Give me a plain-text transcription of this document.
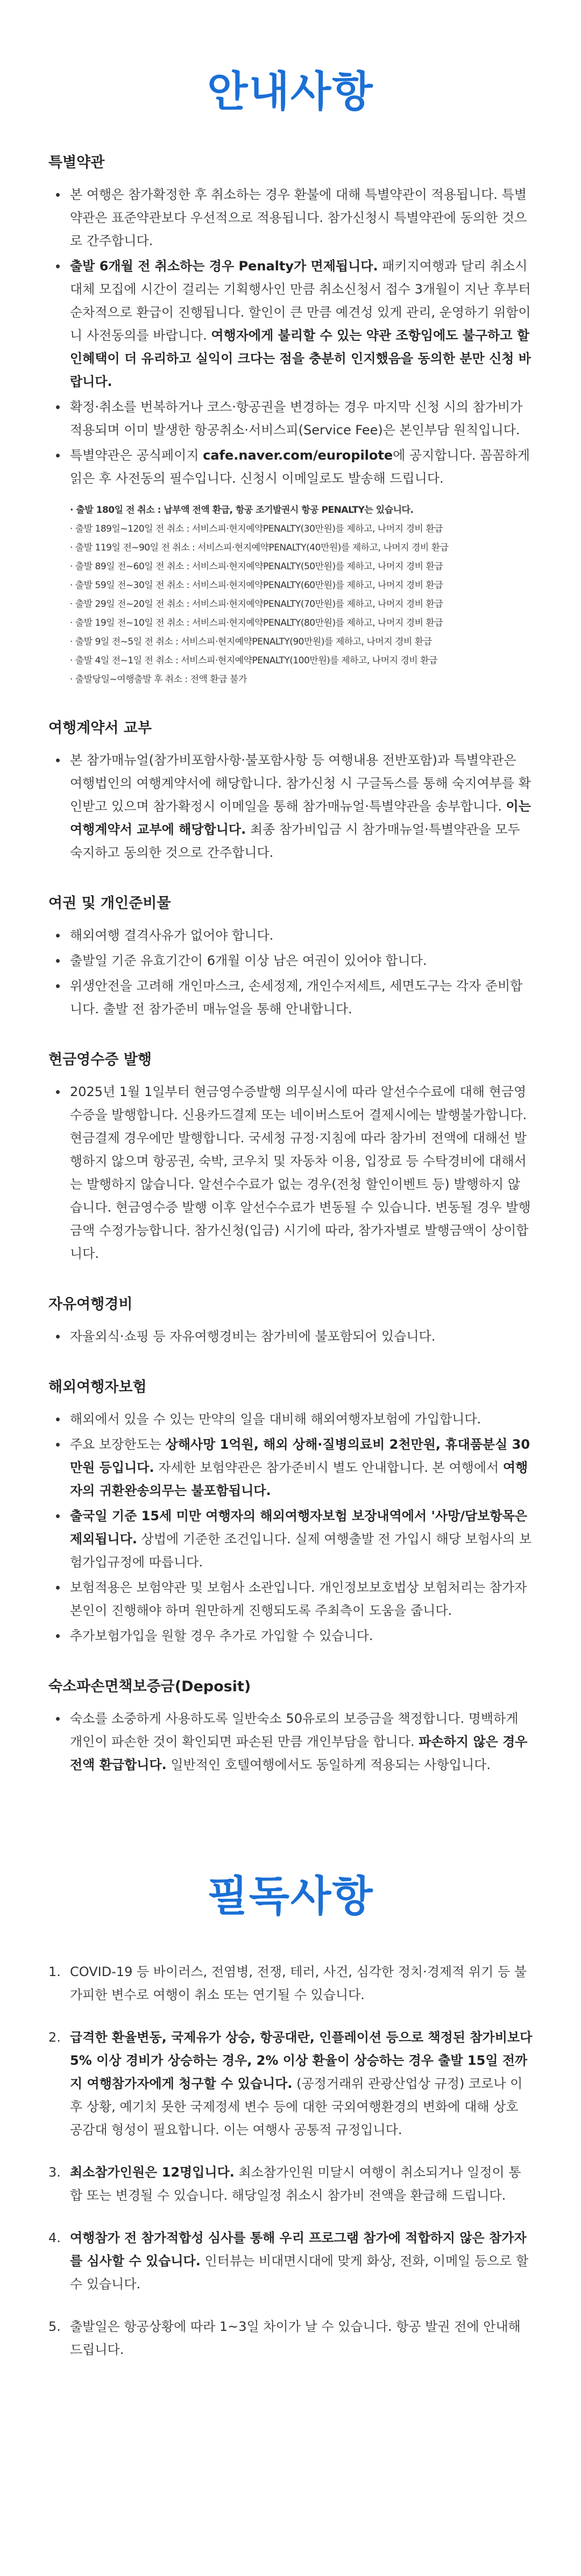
안내사항
특별약관
본 여행은 참가확정한 후 취소하는 경우 환불에 대해 특별약관이 적용됩니다. 특별약관은 표준약관보다 우선적으로 적용됩니다. 참가신청시 특별약관에 동의한 것으로 간주합니다.
출발 6개월 전 취소하는 경우 Penalty가 면제됩니다. 패키지여행과 달리 취소시 대체 모집에 시간이 걸리는 기획행사인 만큼 취소신청서 접수 3개월이 지난 후부터 순차적으로 환급이 진행됩니다. 할인이 큰 만큼 예견성 있게 관리, 운영하기 위함이니 사전동의를 바랍니다. 여행자에게 불리할 수 있는 약관 조항임에도 불구하고 할인혜택이 더 유리하고 실익이 크다는 점을 충분히 인지했음을 동의한 분만 신청 바랍니다.
확정·취소를 번복하거나 코스·항공권을 변경하는 경우 마지막 신청 시의 참가비가 적용되며 이미 발생한 항공취소·서비스피(Service Fee)은 본인부담 원칙입니다.
특별약관은 공식페이지 cafe.naver.com/europilote에 공지합니다. 꼼꼼하게 읽은 후 사전동의 필수입니다. 신청시 이메일로도 발송해 드립니다.
· 출발 180일 전 취소 : 납부액 전액 환급, 항공 조기발권시 항공 PENALTY는 있습니다.
· 출발 189일~120일 전 취소 : 서비스피·현지예약PENALTY(30만원)를 제하고, 나머지 경비 환급
· 출발 119일 전~90일 전 취소 : 서비스피·현지예약PENALTY(40만원)를 제하고, 나머지 경비 환급
· 출발 89일 전~60일 전 취소 : 서비스피·현지예약PENALTY(50만원)를 제하고, 나머지 경비 환급
· 출발 59일 전~30일 전 취소 : 서비스피·현지예약PENALTY(60만원)를 제하고, 나머지 경비 환급
· 출발 29일 전~20일 전 취소 : 서비스피·현지예약PENALTY(70만원)를 제하고, 나머지 경비 환급
· 출발 19일 전~10일 전 취소 : 서비스피·현지예약PENALTY(80만원)를 제하고, 나머지 경비 환급
· 출발 9일 전~5일 전 취소 : 서비스피·현지예약PENALTY(90만원)를 제하고, 나머지 경비 환급
· 출발 4일 전~1일 전 취소 : 서비스피·현지예약PENALTY(100만원)를 제하고, 나머지 경비 환급
· 출발당일~여행출발 후 취소 : 전액 환급 불가
여행계약서 교부
본 참가매뉴얼(참가비포함사항·불포함사항 등 여행내용 전반포함)과 특별약관은 여행법인의 여행계약서에 해당합니다. 참가신청 시 구글독스를 통해 숙지여부를 확인받고 있으며 참가확정시 이메일을 통해 참가매뉴얼·특별약관을 송부합니다. 이는 여행계약서 교부에 해당합니다. 최종 참가비입금 시 참가매뉴얼·특별약관을 모두 숙지하고 동의한 것으로 간주합니다.
여권 및 개인준비물
해외여행 결격사유가 없어야 합니다.
출발일 기준 유효기간이 6개월 이상 남은 여권이 있어야 합니다.
위생안전을 고려해 개인마스크, 손세정제, 개인수저세트, 세면도구는 각자 준비합니다. 출발 전 참가준비 매뉴얼을 통해 안내합니다.
현금영수증 발행
2025년 1월 1일부터 현금영수증발행 의무실시에 따라 알선수수료에 대해 현금영수증을 발행합니다. 신용카드결제 또는 네이버스토어 결제시에는 발행불가합니다. 현금결제 경우에만 발행합니다. 국세청 규정·지침에 따라 참가비 전액에 대해선 발행하지 않으며 항공권, 숙박, 코우치 및 자동차 이용, 입장료 등 수탁경비에 대해서는 발행하지 않습니다. 알선수수료가 없는 경우(전청 할인이벤트 등) 발행하지 않습니다. 현금영수증 발행 이후 알선수수료가 변동될 수 있습니다. 변동될 경우 발행금액 수정가능합니다. 참가신청(입금) 시기에 따라, 참가자별로 발행금액이 상이합니다.
자유여행경비
자율외식·쇼핑 등 자유여행경비는 참가비에 불포함되어 있습니다.
해외여행자보험
해외에서 있을 수 있는 만약의 일을 대비해 해외여행자보험에 가입합니다.
주요 보장한도는 상해사망 1억원, 해외 상해·질병의료비 2천만원, 휴대품분실 30만원 등입니다. 자세한 보험약관은 참가준비시 별도 안내합니다. 본 여행에서 여행자의 귀환완송의무는 불포함됩니다.
출국일 기준 15세 미만 여행자의 해외여행자보험 보장내역에서 '사망/담보항목은 제외됩니다. 상법에 기준한 조건입니다. 실제 여행출발 전 가입시 해당 보험사의 보험가입규정에 따릅니다.
보험적용은 보험약관 및 보험사 소관입니다. 개인정보보호법상 보험처리는 참가자 본인이 진행해야 하며 원만하게 진행되도록 주최측이 도움을 줍니다.
추가보험가입을 원할 경우 추가로 가입할 수 있습니다.
숙소파손면책보증금(Deposit)
숙소를 소중하게 사용하도록 일반숙소 50유로의 보증금을 책정합니다. 명백하게 개인이 파손한 것이 확인되면 파손된 만큼 개인부담을 합니다. 파손하지 않은 경우 전액 환급합니다. 일반적인 호텔여행에서도 동일하게 적용되는 사항입니다.
필독사항
1. COVID-19 등 바이러스, 전염병, 전쟁, 테러, 사건, 심각한 정치·경제적 위기 등 불가피한 변수로 여행이 취소 또는 연기될 수 있습니다.
2. 급격한 환율변동, 국제유가 상승, 항공대란, 인플레이션 등으로 책정된 참가비보다 5% 이상 경비가 상승하는 경우, 2% 이상 환율이 상승하는 경우 출발 15일 전까지 여행참가자에게 청구할 수 있습니다. (공정거래위 관광산업상 규정) 코로나 이후 상황, 예기치 못한 국제정세 변수 등에 대한 국외여행환경의 변화에 대해 상호 공감대 형성이 필요합니다. 이는 여행사 공통적 규정입니다.
3. 최소참가인원은 12명입니다. 최소참가인원 미달시 여행이 취소되거나 일정이 통합 또는 변경될 수 있습니다. 해당일정 취소시 참가비 전액을 환급해 드립니다.
4. 여행참가 전 참가적합성 심사를 통해 우리 프로그램 참가에 적합하지 않은 참가자를 심사할 수 있습니다. 인터뷰는 비대면시대에 맞게 화상, 전화, 이메일 등으로 할 수 있습니다.
5. 출발일은 항공상황에 따라 1~3일 차이가 날 수 있습니다. 항공 발권 전에 안내해 드립니다.
